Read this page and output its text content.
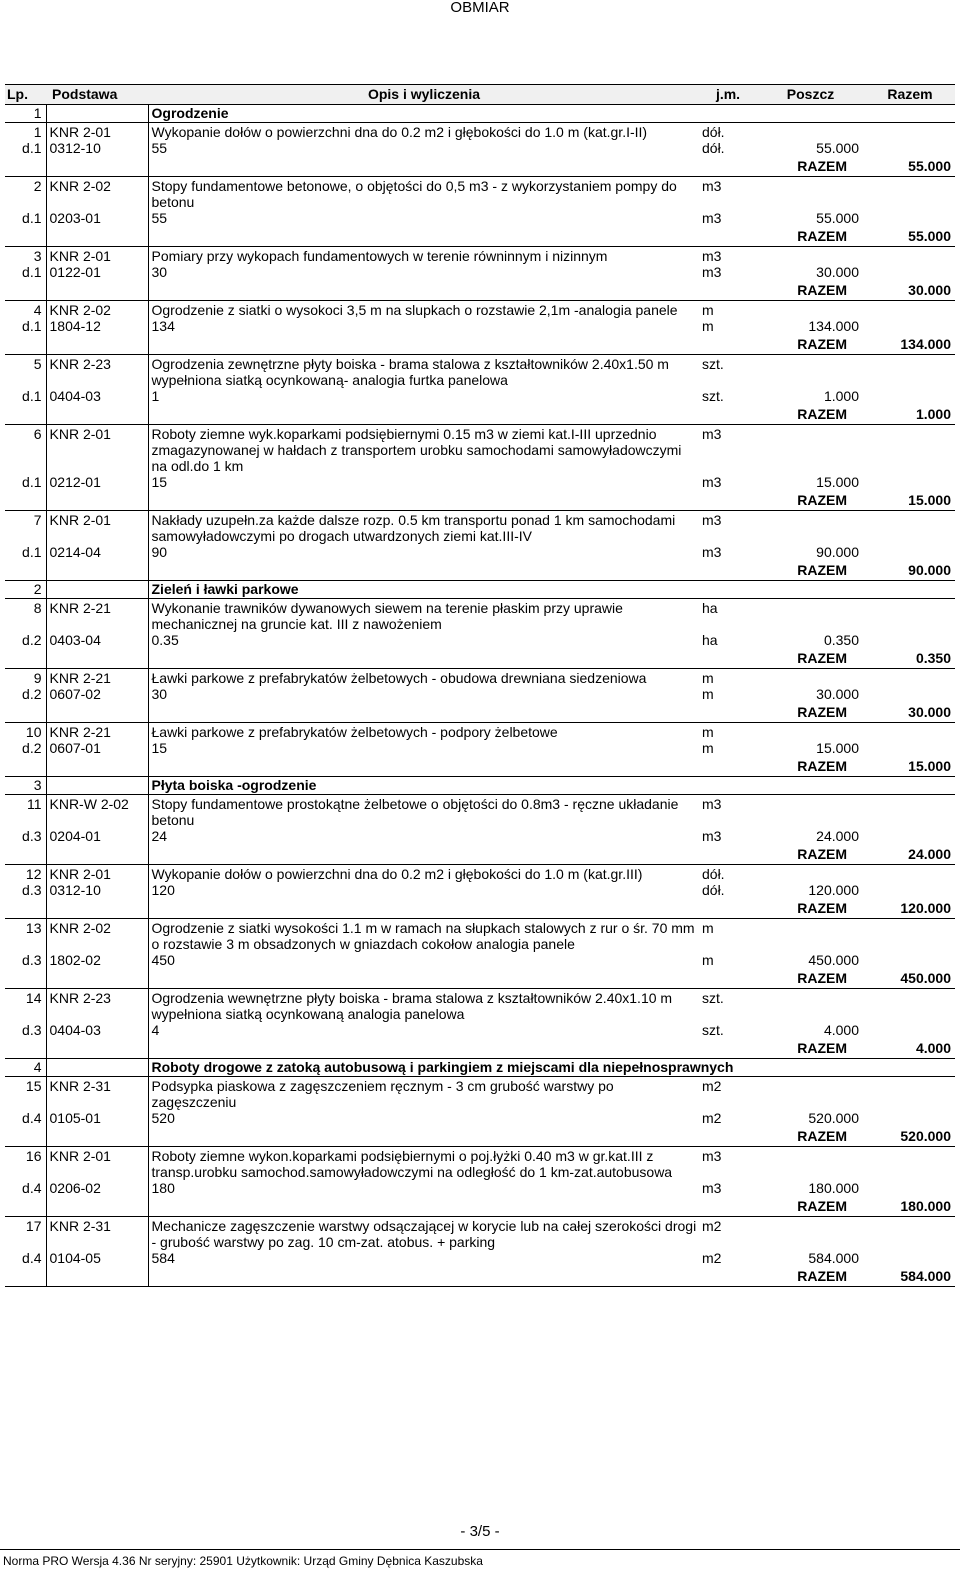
OBMIAR
Lp.	Podstawa	Opis i wyliczenia	j.m.	Poszcz	Razem
1		Ogrodzenie			
1	KNR 2-01	Wykopanie dołów o powierzchni dna do 0.2 m2 i głębokości do 1.0 m (kat.gr.I-II)	dół.		
d.1	0312-10	55	dół.	55.000	
				RAZEM	55.000
2	KNR 2-02	Stopy fundamentowe betonowe, o objętości do 0,5 m3 - z wykorzystaniem pompy do betonu	m3		
d.1	0203-01	55	m3	55.000	
				RAZEM	55.000
3	KNR 2-01	Pomiary przy wykopach fundamentowych w terenie równinnym i nizinnym	m3		
d.1	0122-01	30	m3	30.000	
				RAZEM	30.000
4	KNR 2-02	Ogrodzenie z siatki o wysokoci 3,5 m na slupkach o rozstawie 2,1m -analogia panele	m		
d.1	1804-12	134	m	134.000	
				RAZEM	134.000
5	KNR 2-23	Ogrodzenia zewnętrzne płyty boiska - brama stalowa z kształtowników 2.40x1.50 m wypełniona siatką ocynkowaną- analogia furtka panelowa	szt.		
d.1	0404-03	1	szt.	1.000	
				RAZEM	1.000
6	KNR 2-01	Roboty ziemne wyk.koparkami podsiębiernymi 0.15 m3 w ziemi kat.I-III uprzednio zmagazynowanej w hałdach z transportem urobku samochodami samowyładowczymi na odl.do 1 km	m3		
d.1	0212-01	15	m3	15.000	
				RAZEM	15.000
7	KNR 2-01	Nakłady uzupełn.za każde dalsze rozp. 0.5 km transportu ponad 1 km samochodami samowyładowczymi po drogach utwardzonych ziemi kat.III-IV	m3		
d.1	0214-04	90	m3	90.000	
				RAZEM	90.000
2		Zieleń i ławki parkowe			
8	KNR 2-21	Wykonanie trawników dywanowych siewem na terenie płaskim przy uprawie mechanicznej na gruncie kat. III z nawożeniem	ha		
d.2	0403-04	0.35	ha	0.350	
				RAZEM	0.350
9	KNR 2-21	Ławki parkowe z prefabrykatów żelbetowych - obudowa drewniana siedzeniowa	m		
d.2	0607-02	30	m	30.000	
				RAZEM	30.000
10	KNR 2-21	Ławki parkowe z prefabrykatów żelbetowych - podpory żelbetowe	m		
d.2	0607-01	15	m	15.000	
				RAZEM	15.000
3		Płyta boiska -ogrodzenie			
11	KNR-W 2-02	Stopy fundamentowe prostokątne żelbetowe o objętości do 0.8m3 - ręczne układanie betonu	m3		
d.3	0204-01	24	m3	24.000	
				RAZEM	24.000
12	KNR 2-01	Wykopanie dołów o powierzchni dna do 0.2 m2 i głębokości do 1.0 m (kat.gr.III)	dół.		
d.3	0312-10	120	dół.	120.000	
				RAZEM	120.000
13	KNR 2-02	Ogrodzenie z siatki wysokości 1.1 m w ramach na słupkach stalowych z rur o śr. 70 mm o rozstawie 3 m obsadzonych w gniazdach cokołow analogia panele	m		
d.3	1802-02	450	m	450.000	
				RAZEM	450.000
14	KNR 2-23	Ogrodzenia wewnętrzne płyty boiska - brama stalowa z kształtowników 2.40x1.10 m wypełniona siatką ocynkowaną analogia panelowa	szt.		
d.3	0404-03	4	szt.	4.000	
				RAZEM	4.000
4		Roboty drogowe z zatoką autobusową i parkingiem z miejscami dla niepełnosprawnych			
15	KNR 2-31	Podsypka piaskowa z zagęszczeniem ręcznym - 3 cm grubość warstwy po zagęszczeniu	m2		
d.4	0105-01	520	m2	520.000	
				RAZEM	520.000
16	KNR 2-01	Roboty ziemne wykon.koparkami podsiębiernymi o poj.łyżki 0.40 m3 w gr.kat.III z transp.urobku samochod.samowyładowczymi na odległość do 1 km-zat.autobusowa	m3		
d.4	0206-02	180	m3	180.000	
				RAZEM	180.000
17	KNR 2-31	Mechanicze zagęszczenie warstwy odsączającej w korycie lub na całej szerokości drogi - grubość warstwy po zag. 10 cm-zat. atobus. + parking	m2		
d.4	0104-05	584	m2	584.000	
				RAZEM	584.000
- 3/5 -
Norma PRO Wersja 4.36 Nr seryjny: 25901 Użytkownik: Urząd Gminy Dębnica Kaszubska
